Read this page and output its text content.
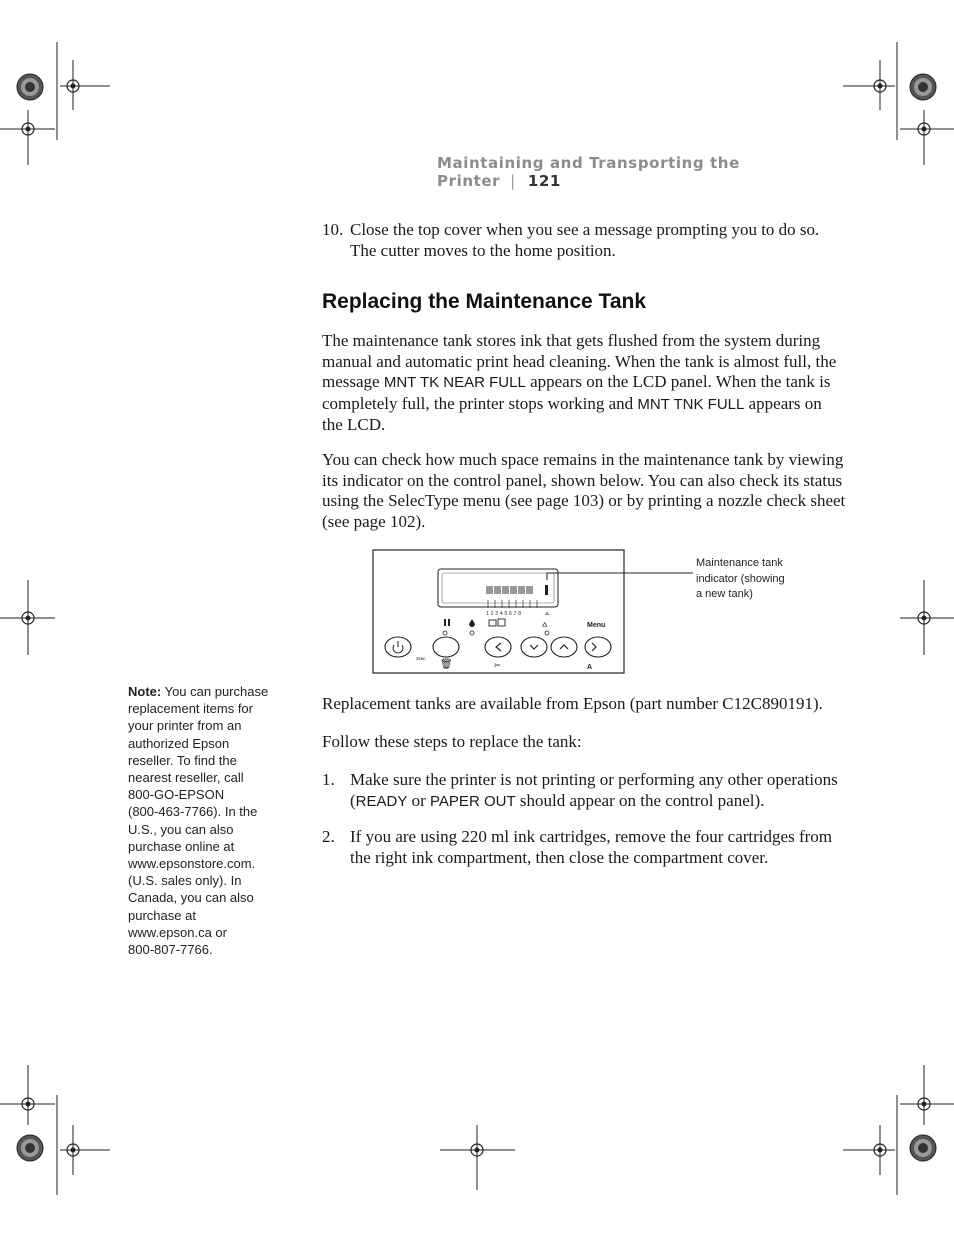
Maintaining and Transporting the Printer | 121
10. Close the top cover when you see a message prompting you to do so.
The cutter moves to the home position.
Replacing the Maintenance Tank
The maintenance tank stores ink that gets flushed from the system during
manual and automatic print head cleaning. When the tank is almost full, the
message MNT TK NEAR FULL appears on the LCD panel. When the tank is
completely full, the printer stops working and MNT TNK FULL appears on
the LCD.
You can check how much space remains in the maintenance tank by viewing
its indicator on the control panel, shown below. You can also check its status
using the SelecType menu (see page 103) or by printing a nozzle check sheet
(see page 102).
1 2 3 4 5 6 7 8	⩟
⩟	Menu
3sec.
🗑	✂	A
Maintenance tank
indicator (showing
a new tank)
Replacement tanks are available from Epson (part number C12C890191).
Follow these steps to replace the tank:
1. Make sure the printer is not printing or performing any other operations
(READY or PAPER OUT should appear on the control panel).
2. If you are using 220 ml ink cartridges, remove the four cartridges from
the right ink compartment, then close the compartment cover.
Note: You can purchase
replacement items for
your printer from an
authorized Epson
reseller. To find the
nearest reseller, call
800-GO-EPSON
(800-463-7766). In the
U.S., you can also
purchase online at
www.epsonstore.com.
(U.S. sales only). In
Canada, you can also
purchase at
www.epson.ca or
800-807-7766.
